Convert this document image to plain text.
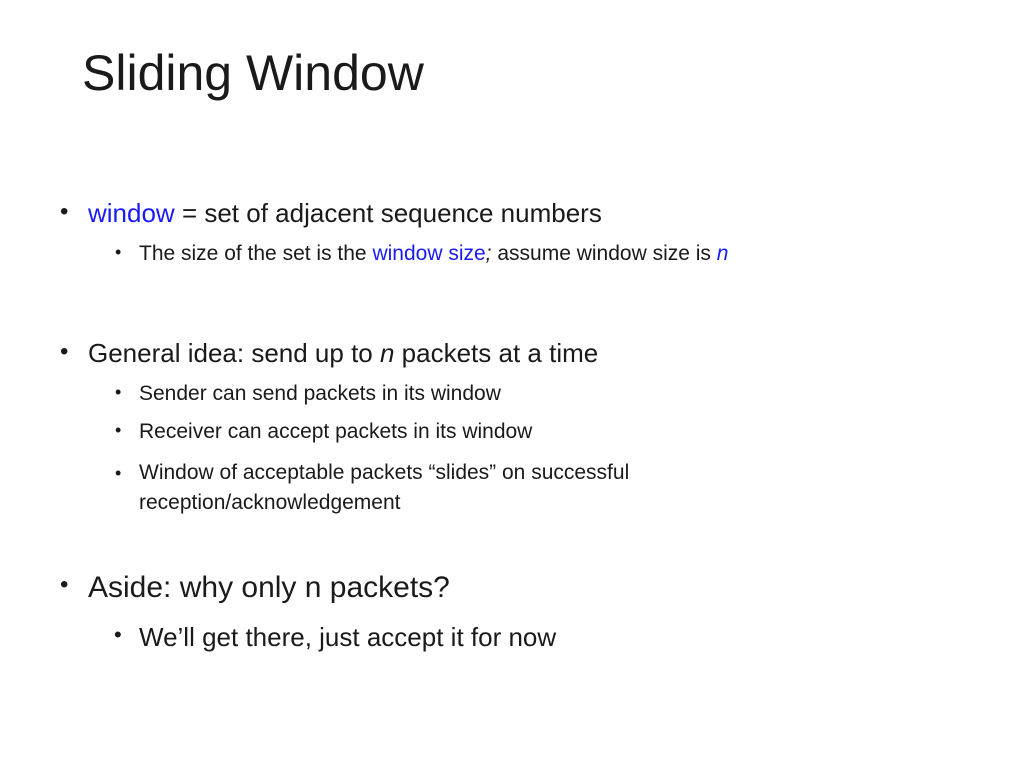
Sliding Window
• window = set of adjacent sequence numbers
• The size of the set is the window size; assume window size is n
• General idea: send up to n packets at a time
• Sender can send packets in its window
• Receiver can accept packets in its window
• Window of acceptable packets “slides” on successful
reception/acknowledgement
• Aside: why only n packets?
• We’ll get there, just accept it for now
